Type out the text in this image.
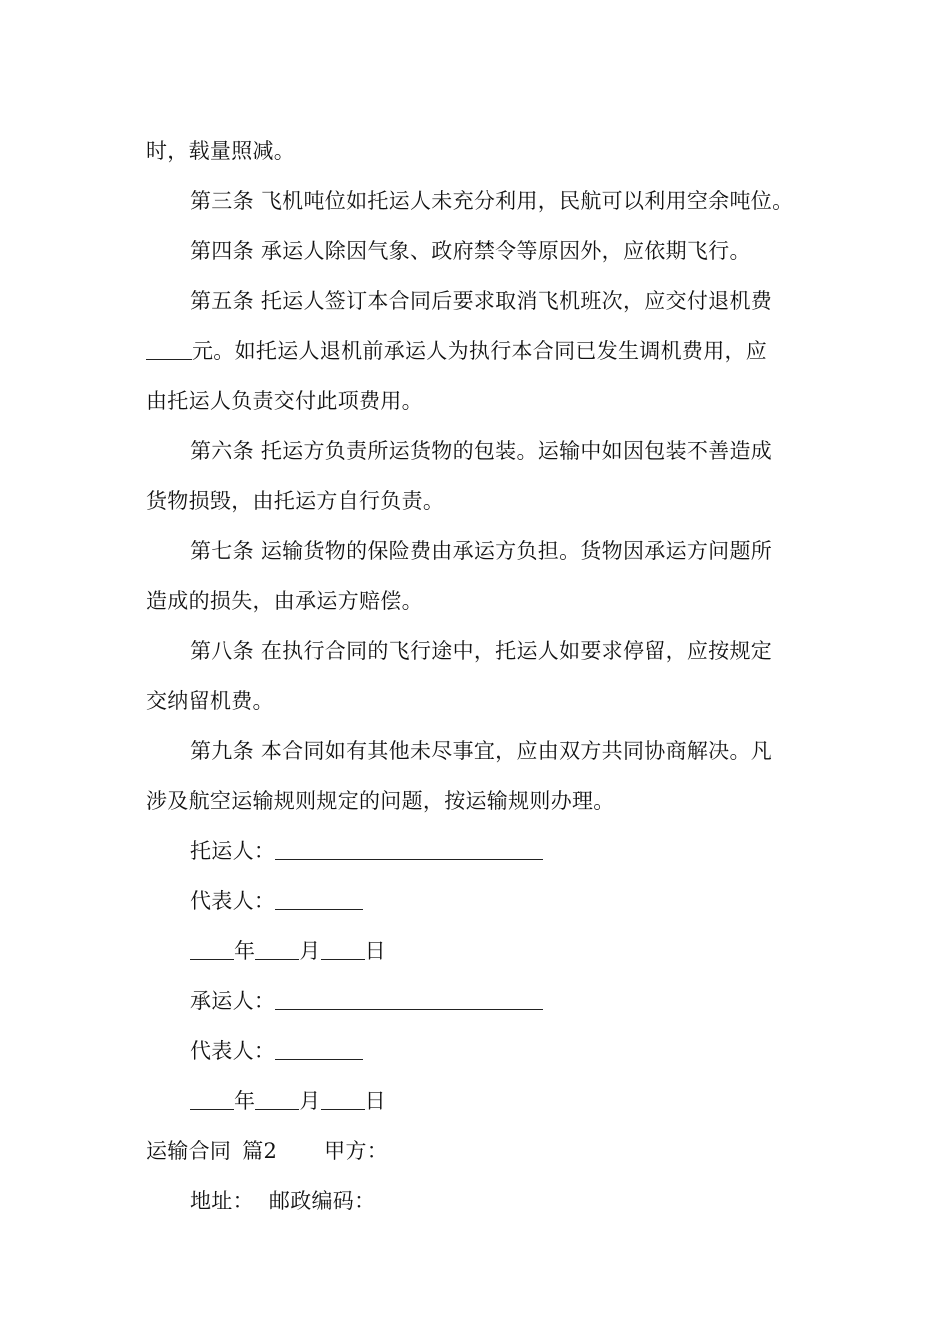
时，载量照减。
第三条 飞机吨位如托运人未充分利用，民航可以利用空余吨位。
第四条 承运人除因气象、政府禁令等原因外，应依期飞行。
第五条 托运人签订本合同后要求取消飞机班次，应交付退机费
元。如托运人退机前承运人为执行本合同已发生调机费用，应
由托运人负责交付此项费用。
第六条 托运方负责所运货物的包装。运输中如因包装不善造成
货物损毁，由托运方自行负责。
第七条 运输货物的保险费由承运方负担。货物因承运方问题所
造成的损失，由承运方赔偿。
第八条 在执行合同的飞行途中，托运人如要求停留，应按规定
交纳留机费。
第九条 本合同如有其他未尽事宜，应由双方共同协商解决。凡
涉及航空运输规则规定的问题，按运输规则办理。
托运人：
代表人：
年 月 日
承运人：
代表人：
年 月 日
运输合同 篇2 甲方：
地址： 邮政编码：
